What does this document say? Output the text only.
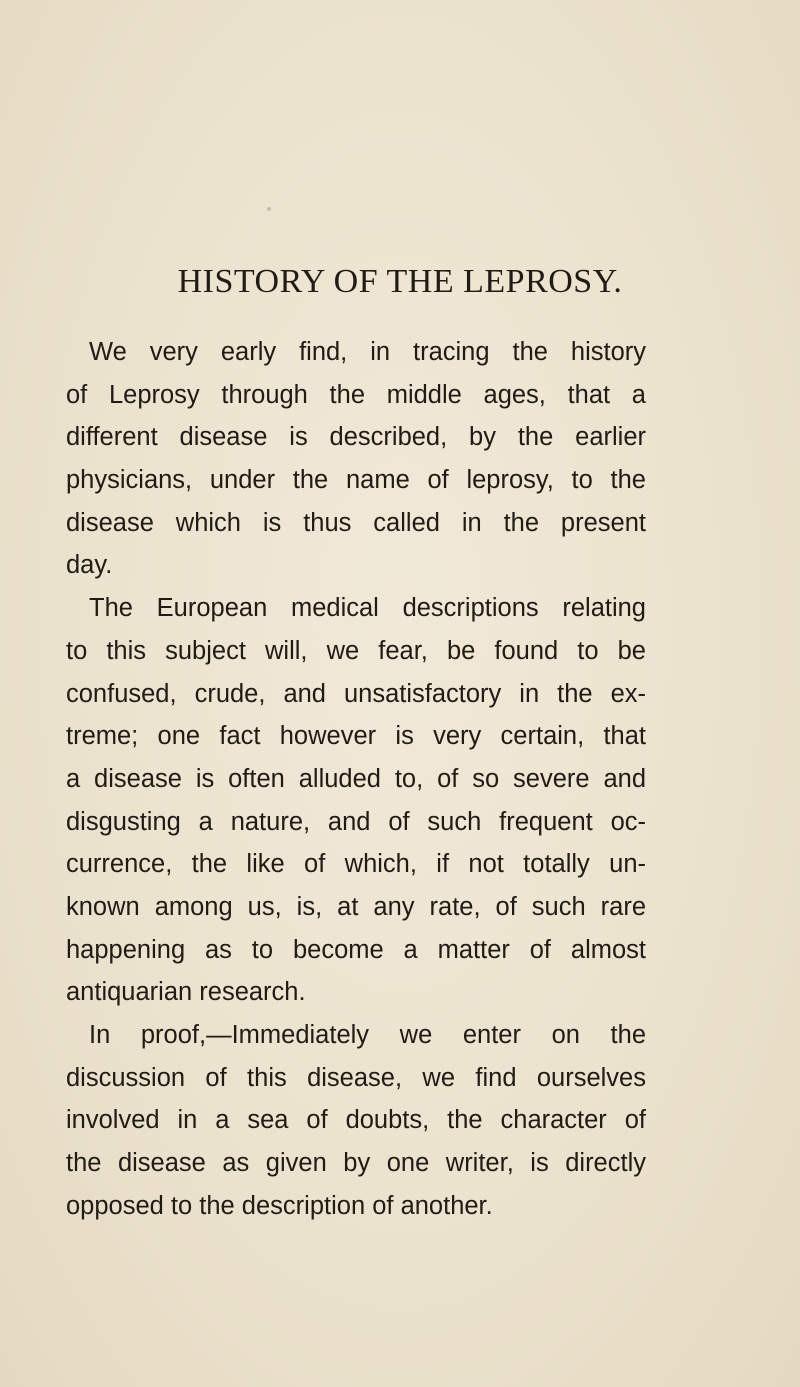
HISTORY OF THE LEPROSY.
We very early find, in tracing the history
of Leprosy through the middle ages, that a
different disease is described, by the earlier
physicians, under the name of leprosy, to the
disease which is thus called in the present
day.
The European medical descriptions relating
to this subject will, we fear, be found to be
confused, crude, and unsatisfactory in the ex-
treme; one fact however is very certain, that
a disease is often alluded to, of so severe and
disgusting a nature, and of such frequent oc-
currence, the like of which, if not totally un-
known among us, is, at any rate, of such rare
happening as to become a matter of almost
antiquarian research.
In proof,—Immediately we enter on the
discussion of this disease, we find ourselves
involved in a sea of doubts, the character of
the disease as given by one writer, is directly
opposed to the description of another.
